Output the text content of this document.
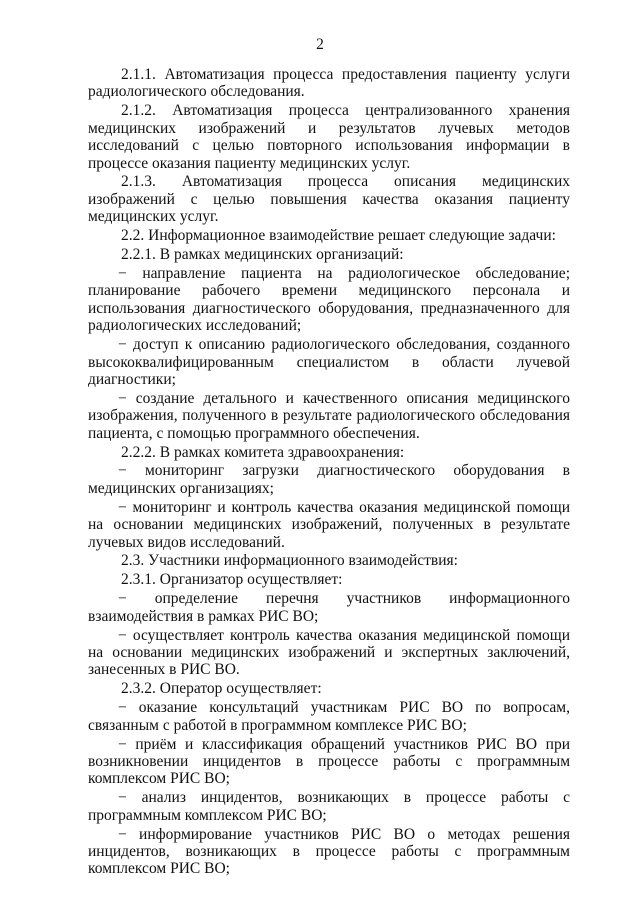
2

2.1.1. Автоматизация процесса предоставления пациенту услуги радиологического обследования.

2.1.2. Автоматизация процесса централизованного хранения медицинских изображений и результатов лучевых методов исследований с целью повторного использования информации в процессе оказания пациенту медицинских услуг.

2.1.3. Автоматизация процесса описания медицинских изображений с целью повышения качества оказания пациенту медицинских услуг.

2.2. Информационное взаимодействие решает следующие задачи:

2.2.1. В рамках медицинских организаций:

− направление пациента на радиологическое обследование; планирование рабочего времени медицинского персонала и использования диагностического оборудования, предназначенного для радиологических исследований;

− доступ к описанию радиологического обследования, созданного высококвалифицированным специалистом в области лучевой диагностики;

− создание детального и качественного описания медицинского изображения, полученного в результате радиологического обследования пациента, с помощью программного обеспечения.

2.2.2. В рамках комитета здравоохранения:

− мониторинг загрузки диагностического оборудования в медицинских организациях;

− мониторинг и контроль качества оказания медицинской помощи на основании медицинских изображений, полученных в результате лучевых видов исследований.

2.3. Участники информационного взаимодействия:

2.3.1. Организатор осуществляет:

− определение перечня участников информационного взаимодействия в рамках РИС ВО;

− осуществляет контроль качества оказания медицинской помощи на основании медицинских изображений и экспертных заключений, занесенных в РИС ВО.

2.3.2. Оператор осуществляет:

− оказание консультаций участникам РИС ВО по вопросам, связанным с работой в программном комплексе РИС ВО;

− приём и классификация обращений участников РИС ВО при возникновении инцидентов в процессе работы с программным комплексом РИС ВО;

− анализ инцидентов, возникающих в процессе работы с программным комплексом РИС ВО;

− информирование участников РИС ВО о методах решения инцидентов, возникающих в процессе работы с программным комплексом РИС ВО;
